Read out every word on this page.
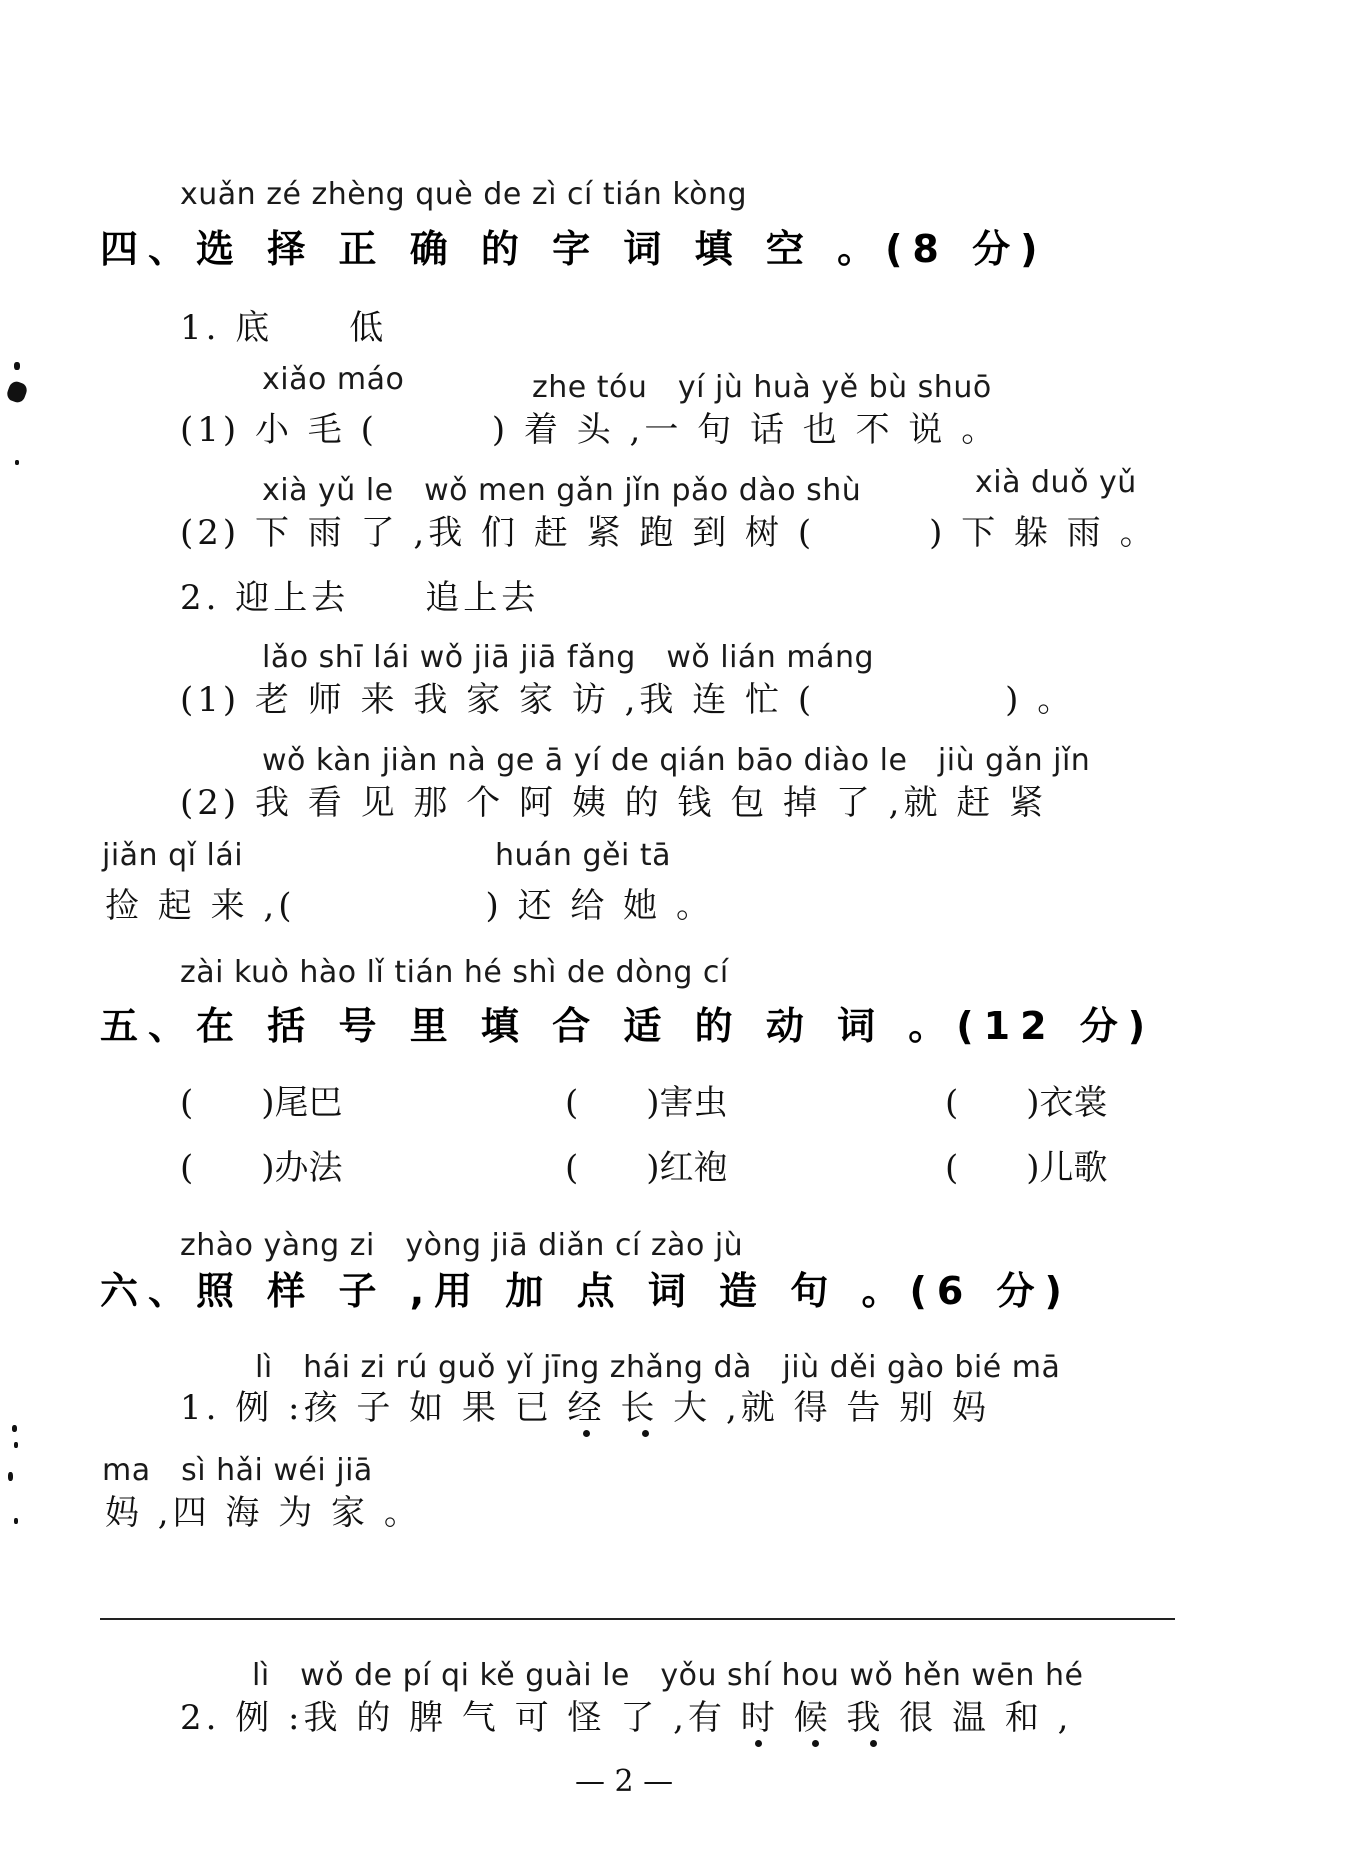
xuǎn zé zhèng què de zì cí tián kòng
四、选 择 正 确 的 字 词 填 空 。(8 分)
1. 底　　低
xiǎo máo	zhe tóu　yí jù huà yě bù shuō
(1) 小 毛 (　　　) 着 头 ,一 句 话 也 不 说 。
xià yǔ le　wǒ men gǎn jǐn pǎo dào shù	xià duǒ yǔ
(2) 下 雨 了 ,我 们 赶 紧 跑 到 树 (　　　) 下 躲 雨 。
2. 迎上去　　追上去
lǎo shī lái wǒ jiā jiā fǎng　wǒ lián máng
(1) 老 师 来 我 家 家 访 ,我 连 忙 (　　　　　) 。
wǒ kàn jiàn nà ge ā yí de qián bāo diào le　jiù gǎn jǐn
(2) 我 看 见 那 个 阿 姨 的 钱 包 掉 了 ,就 赶 紧
jiǎn qǐ lái	huán gěi tā
捡 起 来 ,(　　　　　) 还 给 她 。
zài kuò hào lǐ tián hé shì de dòng cí
五、在 括 号 里 填 合 适 的 动 词 。(12 分)
(　　)尾巴	(　　)害虫	(　　)衣裳
(　　)办法	(　　)红袍	(　　)儿歌
zhào yàng zi　yòng jiā diǎn cí zào jù
六、照 样 子 ,用 加 点 词 造 句 。(6 分)
lì　hái zi rú guǒ yǐ jīng zhǎng dà　jiù děi gào bié mā
1. 例 :孩 子 如 果 已 经 长 大 ,就 得 告 别 妈
ma　sì hǎi wéi jiā
妈 ,四 海 为 家 。
lì　wǒ de pí qi kě guài le　yǒu shí hou wǒ hěn wēn hé
2. 例 :我 的 脾 气 可 怪 了 ,有 时 候 我 很 温 和 ,
— 2 —
